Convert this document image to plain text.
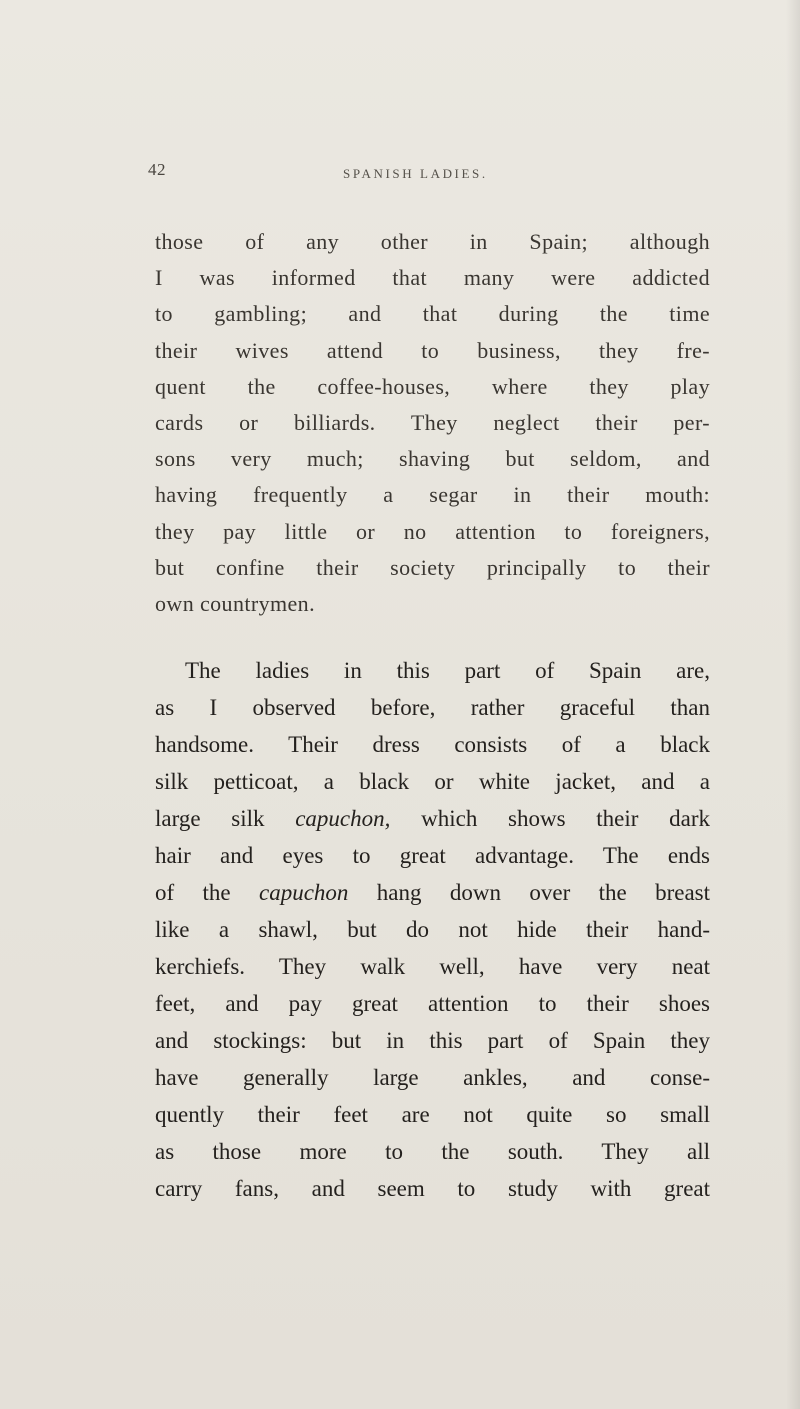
42	SPANISH LADIES.
those of any other in Spain; although
I was informed that many were addicted
to gambling; and that during the time
their wives attend to business, they fre-
quent the coffee-houses, where they play
cards or billiards. They neglect their per-
sons very much; shaving but seldom, and
having frequently a segar in their mouth:
they pay little or no attention to foreigners,
but confine their society principally to their
own countrymen.
The ladies in this part of Spain are,
as I observed before, rather graceful than
handsome. Their dress consists of a black
silk petticoat, a black or white jacket, and a
large silk capuchon, which shows their dark
hair and eyes to great advantage. The ends
of the capuchon hang down over the breast
like a shawl, but do not hide their hand-
kerchiefs. They walk well, have very neat
feet, and pay great attention to their shoes
and stockings: but in this part of Spain they
have generally large ankles, and conse-
quently their feet are not quite so small
as those more to the south. They all
carry fans, and seem to study with great
